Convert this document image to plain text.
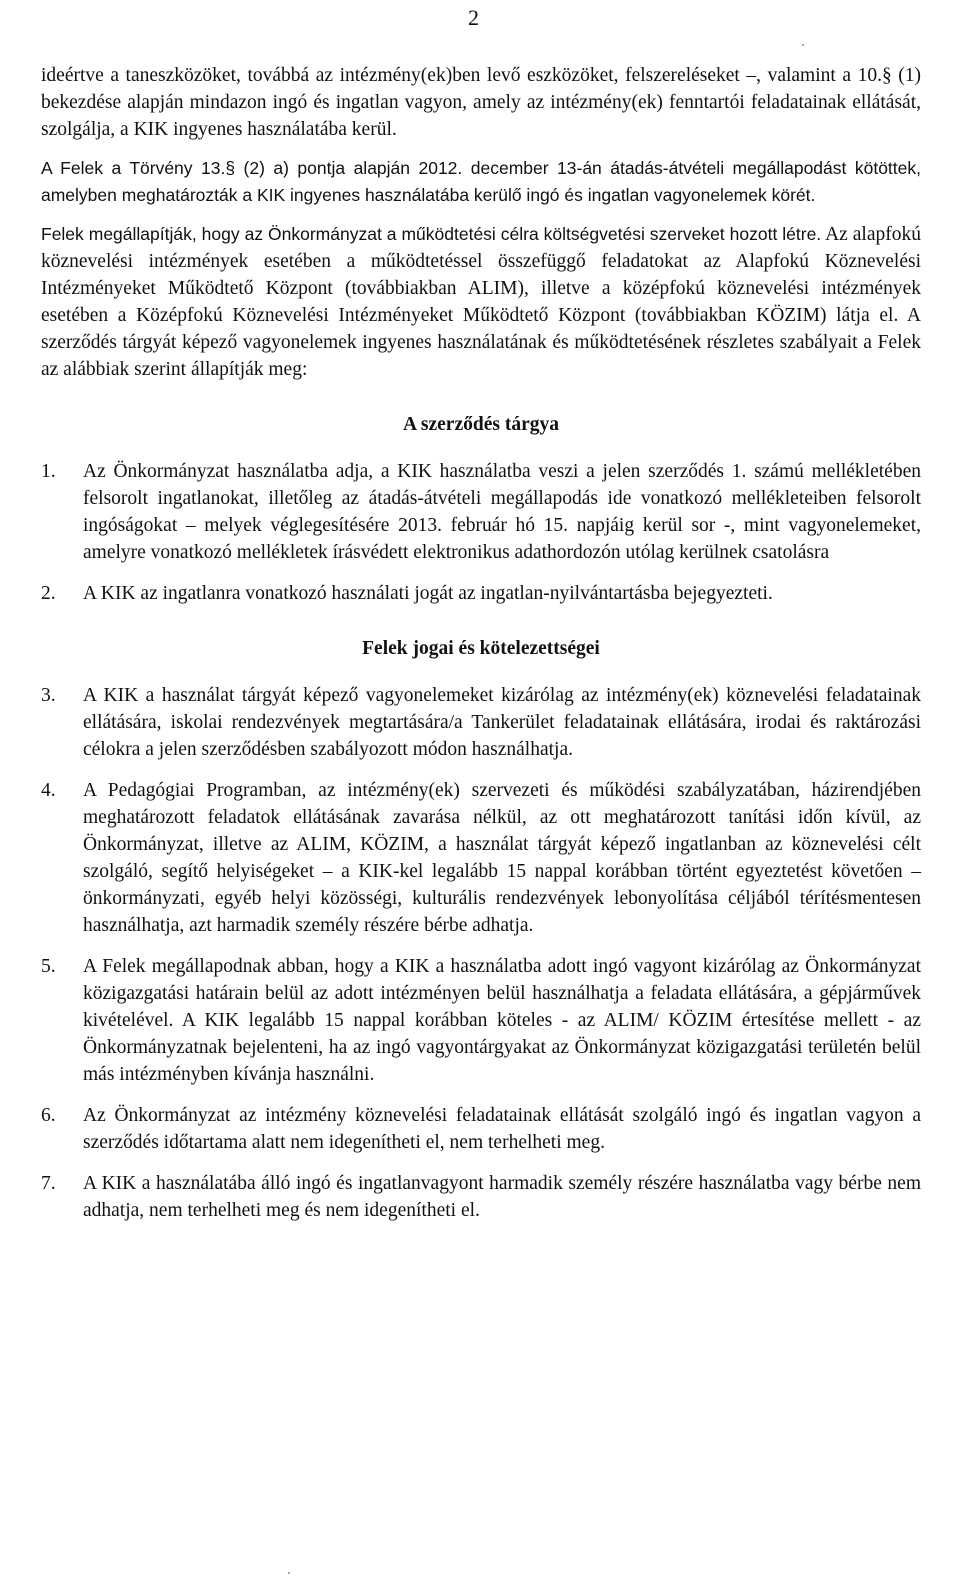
2

ideértve a taneszközöket, továbbá az intézmény(ek)ben levő eszközöket, felszereléseket –, valamint a 10.§ (1) bekezdése alapján mindazon ingó és ingatlan vagyon, amely az intézmény(ek) fenntartói feladatainak ellátását, szolgálja, a KIK ingyenes használatába kerül.

A Felek a Törvény 13.§ (2) a) pontja alapján 2012. december 13-án átadás-átvételi megállapodást kötöttek, amelyben meghatározták a KIK ingyenes használatába kerülő ingó és ingatlan vagyonelemek körét.

Felek megállapítják, hogy az Önkormányzat a működtetési célra költségvetési szerveket hozott létre. Az alapfokú köznevelési intézmények esetében a működtetéssel összefüggő feladatokat az Alapfokú Köznevelési Intézményeket Működtető Központ (továbbiakban ALIM), illetve a középfokú köznevelési intézmények esetében a Középfokú Köznevelési Intézményeket Működtető Központ (továbbiakban KÖZIM) látja el. A szerződés tárgyát képező vagyonelemek ingyenes használatának és működtetésének részletes szabályait a Felek az alábbiak szerint állapítják meg:

A szerződés tárgya
1.	Az Önkormányzat használatba adja, a KIK használatba veszi a jelen szerződés 1. számú mellékletében felsorolt ingatlanokat, illetőleg az átadás-átvételi megállapodás ide vonatkozó mellékleteiben felsorolt ingóságokat – melyek véglegesítésére 2013. február hó 15. napjáig kerül sor -, mint vagyonelemeket, amelyre vonatkozó mellékletek írásvédett elektronikus adathordozón utólag kerülnek csatolásra
2.	A KIK az ingatlanra vonatkozó használati jogát az ingatlan-nyilvántartásba bejegyezteti.
Felek jogai és kötelezettségei
3.	A KIK a használat tárgyát képező vagyonelemeket kizárólag az intézmény(ek) köznevelési feladatainak ellátására, iskolai rendezvények megtartására/a Tankerület feladatainak ellátására, irodai és raktározási célokra a jelen szerződésben szabályozott módon használhatja.
4.	A Pedagógiai Programban, az intézmény(ek) szervezeti és működési szabályzatában, házirendjében meghatározott feladatok ellátásának zavarása nélkül, az ott meghatározott tanítási időn kívül, az Önkormányzat, illetve az ALIM, KÖZIM, a használat tárgyát képező ingatlanban az köznevelési célt szolgáló, segítő helyiségeket – a KIK-kel legalább 15 nappal korábban történt egyeztetést követően – önkormányzati, egyéb helyi közösségi, kulturális rendezvények lebonyolítása céljából térítésmentesen használhatja, azt harmadik személy részére bérbe adhatja.
5.	A Felek megállapodnak abban, hogy a KIK a használatba adott ingó vagyont kizárólag az Önkormányzat közigazgatási határain belül az adott intézményen belül használhatja a feladata ellátására, a gépjárművek kivételével. A KIK legalább 15 nappal korábban köteles - az ALIM/ KÖZIM értesítése mellett - az Önkormányzatnak bejelenteni, ha az ingó vagyontárgyakat az Önkormányzat közigazgatási területén belül más intézményben kívánja használni.
6.	Az Önkormányzat az intézmény köznevelési feladatainak ellátását szolgáló ingó és ingatlan vagyon a szerződés időtartama alatt nem idegenítheti el, nem terhelheti meg.
7.	A KIK a használatába álló ingó és ingatlanvagyont harmadik személy részére használatba vagy bérbe nem adhatja, nem terhelheti meg és nem idegenítheti el.
